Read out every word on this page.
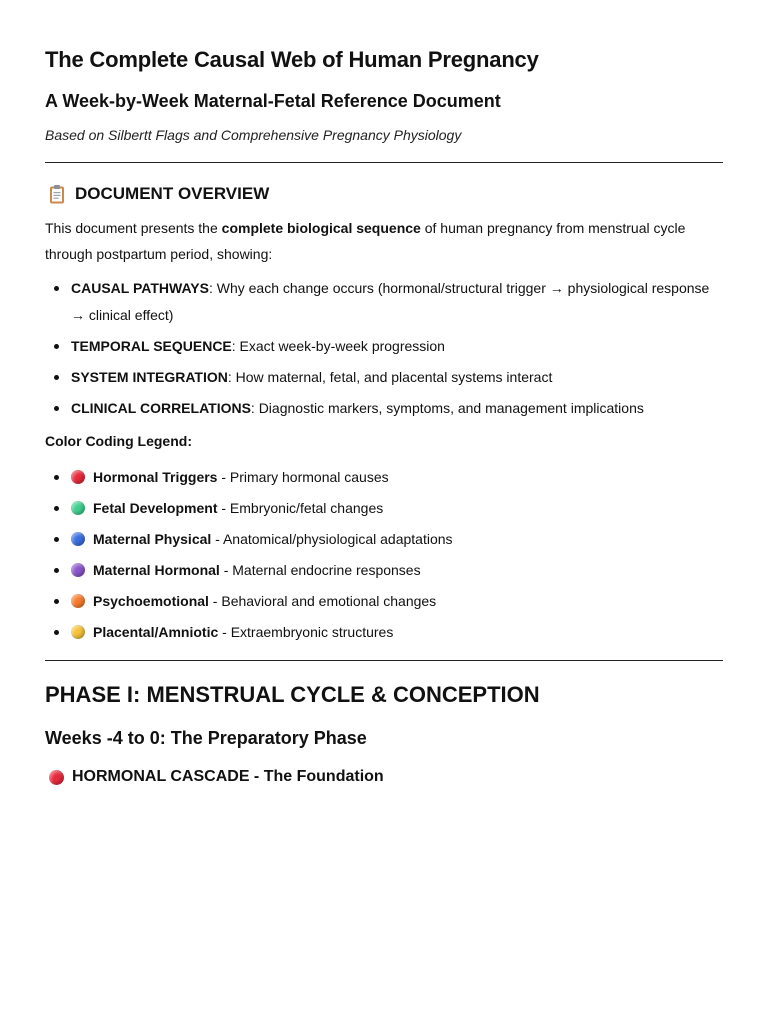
The Complete Causal Web of Human Pregnancy
A Week-by-Week Maternal-Fetal Reference Document

Based on Silbertt Flags and Comprehensive Pregnancy Physiology

DOCUMENT OVERVIEW

This document presents the complete biological sequence of human pregnancy from menstrual cycle through postpartum period, showing:

CAUSAL PATHWAYS: Why each change occurs (hormonal/structural trigger → physiological response → clinical effect)
TEMPORAL SEQUENCE: Exact week-by-week progression
SYSTEM INTEGRATION: How maternal, fetal, and placental systems interact
CLINICAL CORRELATIONS: Diagnostic markers, symptoms, and management implications

Color Coding Legend:

Hormonal Triggers - Primary hormonal causes
Fetal Development - Embryonic/fetal changes
Maternal Physical - Anatomical/physiological adaptations
Maternal Hormonal - Maternal endocrine responses
Psychoemotional - Behavioral and emotional changes
Placental/Amniotic - Extraembryonic structures
PHASE I: MENSTRUAL CYCLE & CONCEPTION
Weeks -4 to 0: The Preparatory Phase
HORMONAL CASCADE - The Foundation
